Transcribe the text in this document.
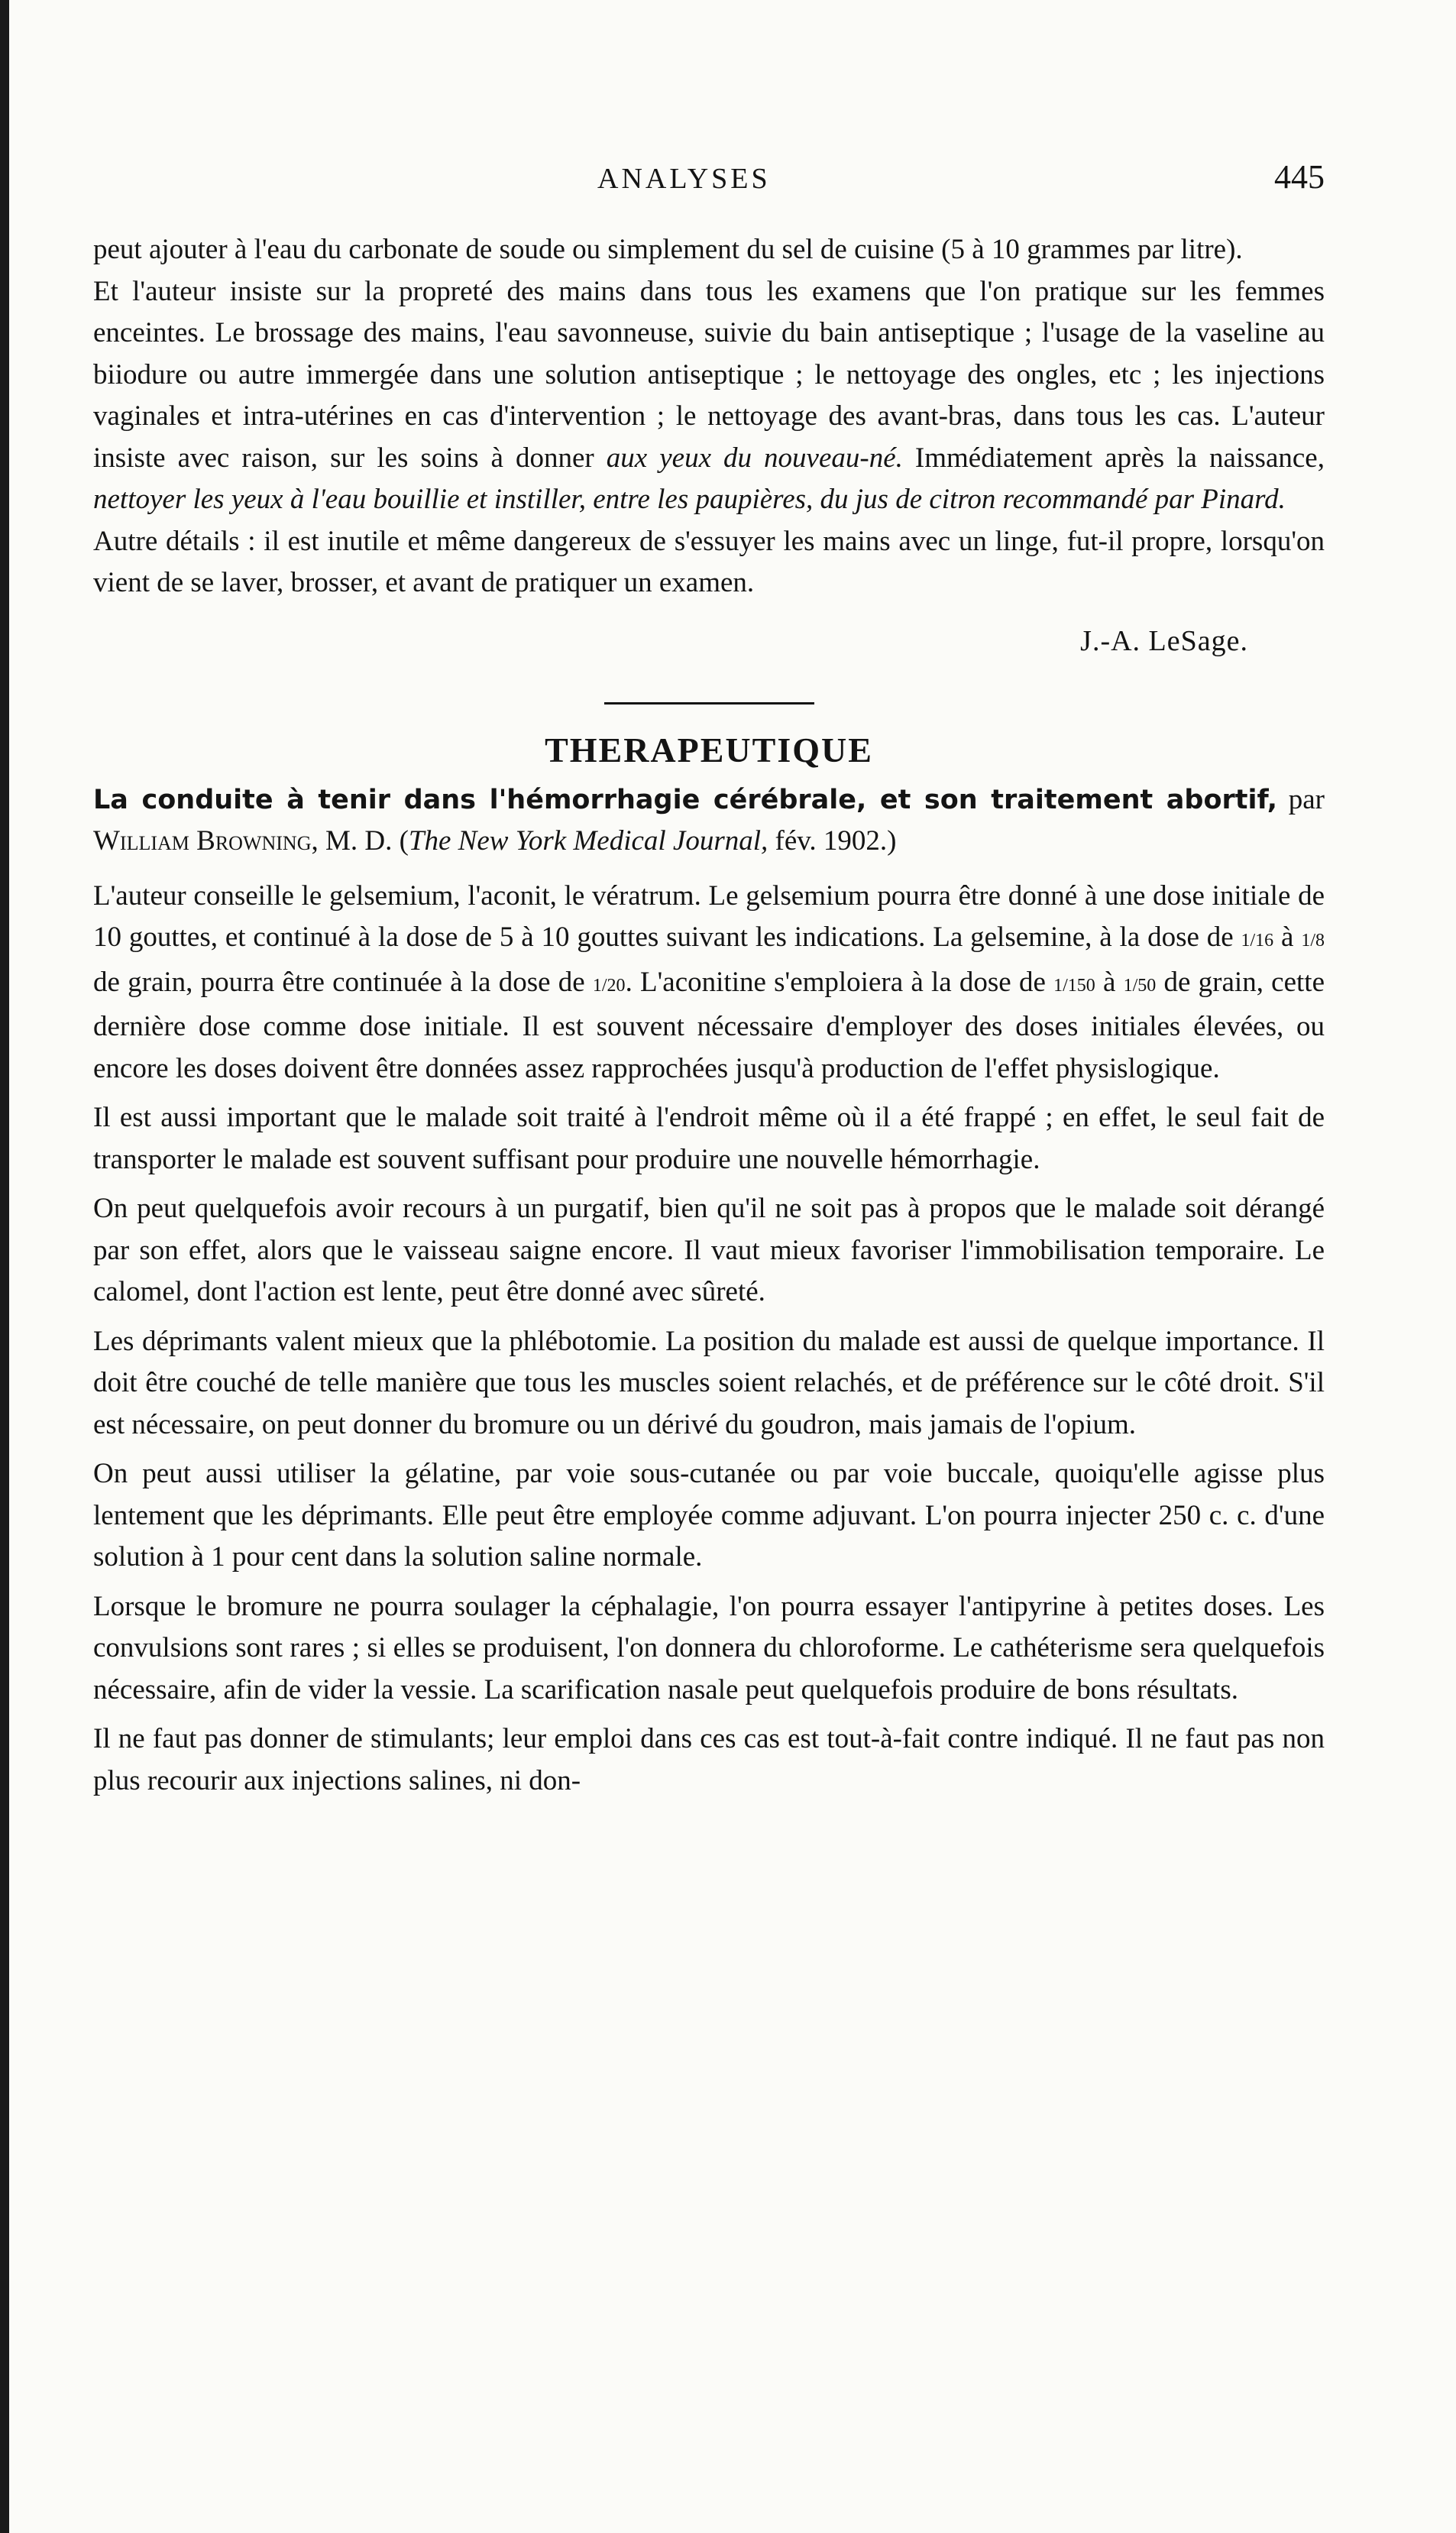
ANALYSES	445

peut ajouter à l'eau du carbonate de soude ou simplement du sel de cuisine (5 à 10 grammes par litre).

Et l'auteur insiste sur la propreté des mains dans tous les examens que l'on pratique sur les femmes enceintes. Le brossage des mains, l'eau savonneuse, suivie du bain antiseptique ; l'usage de la vaseline au biiodure ou autre immergée dans une solution antiseptique ; le nettoyage des ongles, etc ; les injections vaginales et intra-utérines en cas d'intervention ; le nettoyage des avant-bras, dans tous les cas. L'auteur insiste avec raison, sur les soins à donner aux yeux du nouveau-né. Immédiatement après la naissance, nettoyer les yeux à l'eau bouillie et instiller, entre les paupières, du jus de citron recommandé par Pinard.

Autre détails : il est inutile et même dangereux de s'essuyer les mains avec un linge, fut-il propre, lorsqu'on vient de se laver, brosser, et avant de pratiquer un examen.

J.-A. LeSage.

THERAPEUTIQUE

La conduite à tenir dans l'hémorrhagie cérébrale, et son traitement abortif, par William Browning, M. D. (The New York Medical Journal, fév. 1902.)

L'auteur conseille le gelsemium, l'aconit, le vératrum. Le gelsemium pourra être donné à une dose initiale de 10 gouttes, et continué à la dose de 5 à 10 gouttes suivant les indications. La gelsemine, à la dose de 1/16 à 1/8 de grain, pourra être continuée à la dose de 1/20. L'aconitine s'emploiera à la dose de 1/150 à 1/50 de grain, cette dernière dose comme dose initiale. Il est souvent nécessaire d'employer des doses initiales élevées, ou encore les doses doivent être données assez rapprochées jusqu'à production de l'effet physislogique.

Il est aussi important que le malade soit traité à l'endroit même où il a été frappé ; en effet, le seul fait de transporter le malade est souvent suffisant pour produire une nouvelle hémorrhagie.

On peut quelquefois avoir recours à un purgatif, bien qu'il ne soit pas à propos que le malade soit dérangé par son effet, alors que le vaisseau saigne encore. Il vaut mieux favoriser l'immobilisation temporaire. Le calomel, dont l'action est lente, peut être donné avec sûreté.

Les déprimants valent mieux que la phlébotomie. La position du malade est aussi de quelque importance. Il doit être couché de telle manière que tous les muscles soient relachés, et de préférence sur le côté droit. S'il est nécessaire, on peut donner du bromure ou un dérivé du goudron, mais jamais de l'opium.

On peut aussi utiliser la gélatine, par voie sous-cutanée ou par voie buccale, quoiqu'elle agisse plus lentement que les déprimants. Elle peut être employée comme adjuvant. L'on pourra injecter 250 c. c. d'une solution à 1 pour cent dans la solution saline normale.

Lorsque le bromure ne pourra soulager la céphalagie, l'on pourra essayer l'antipyrine à petites doses. Les convulsions sont rares ; si elles se produisent, l'on donnera du chloroforme. Le cathéterisme sera quelquefois nécessaire, afin de vider la vessie. La scarification nasale peut quelquefois produire de bons résultats.

Il ne faut pas donner de stimulants; leur emploi dans ces cas est tout-à-fait contre indiqué. Il ne faut pas non plus recourir aux injections salines, ni don-
